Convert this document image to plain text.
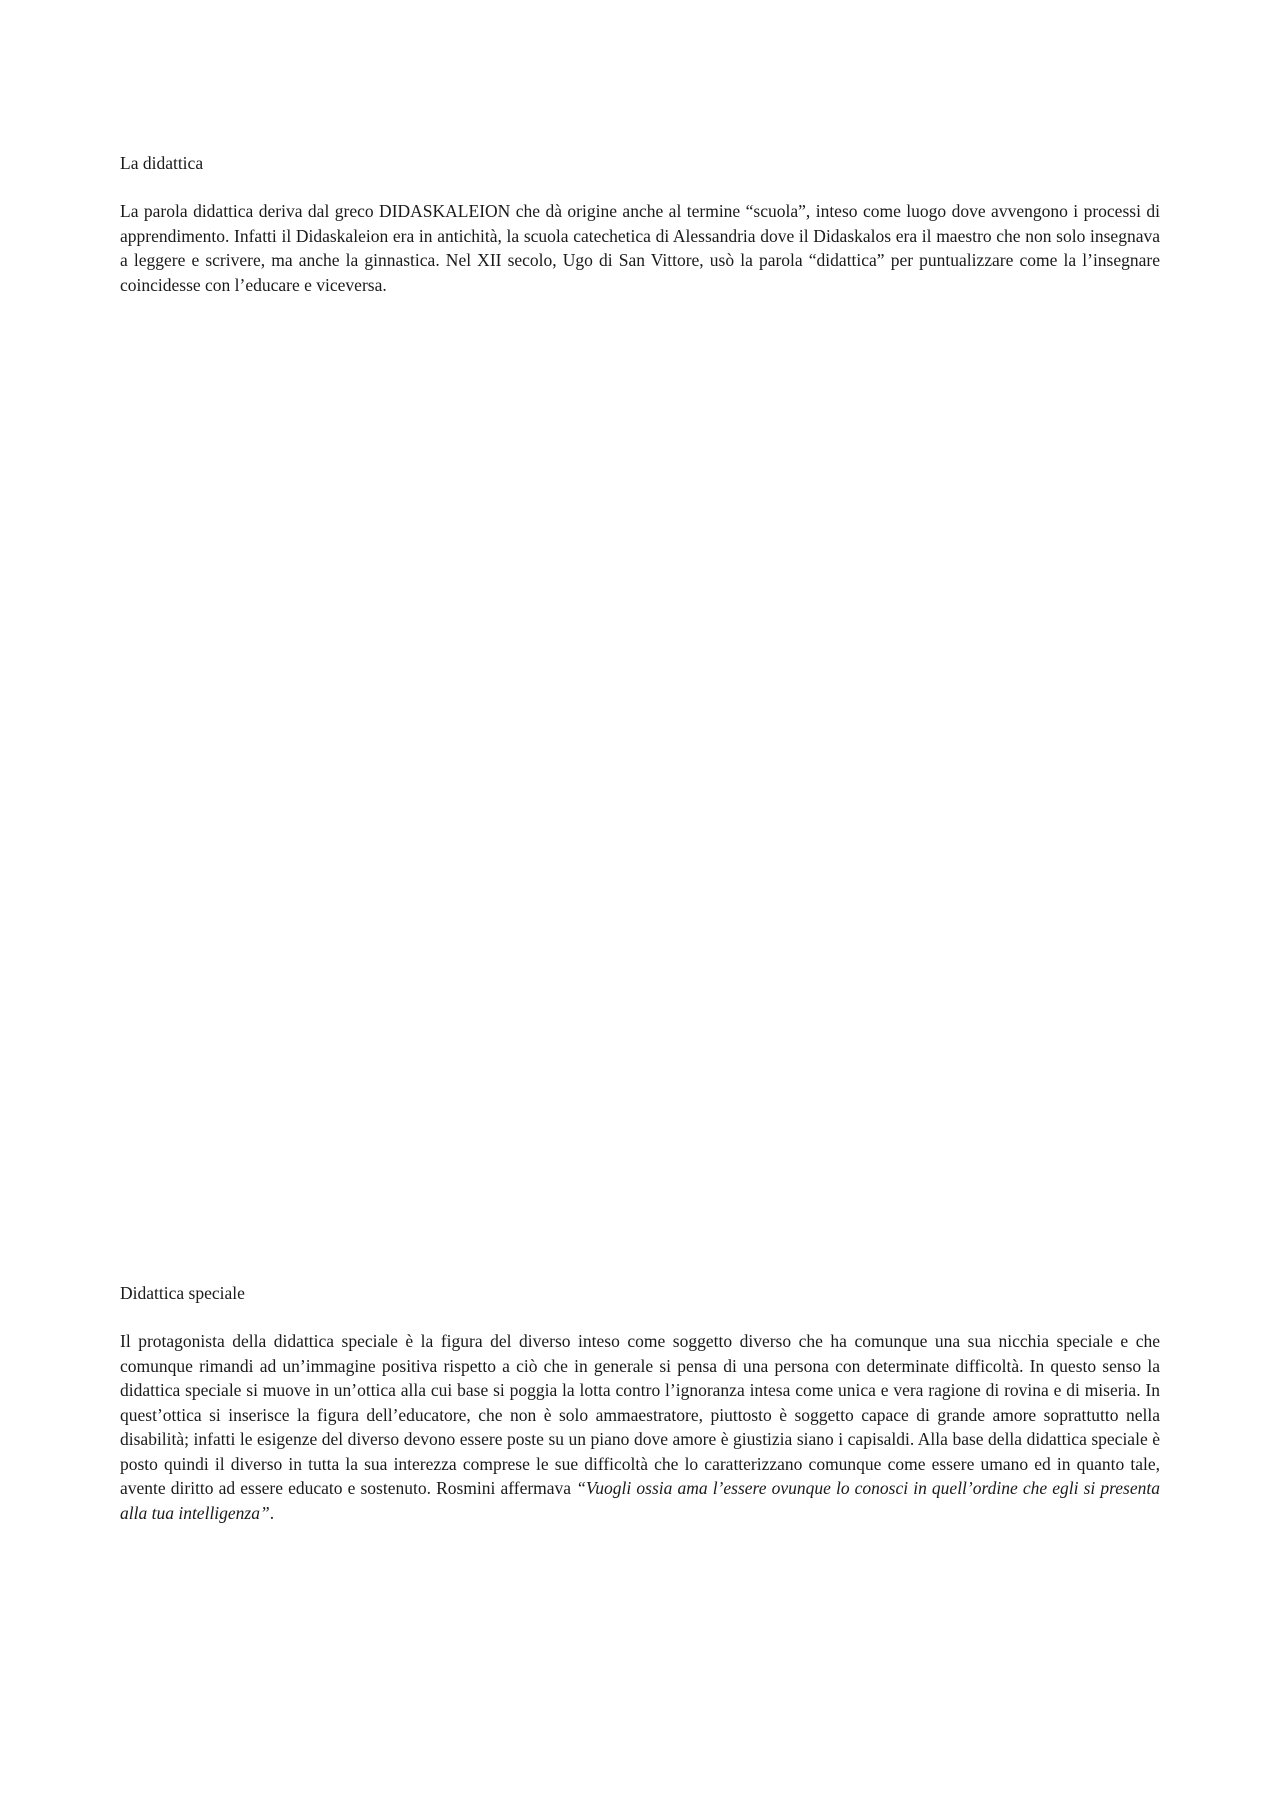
La didattica

La parola didattica deriva dal greco DIDASKALEION che dà origine anche al termine “scuola”, inteso come luogo dove avvengono i processi di apprendimento. Infatti il Didaskaleion era in antichità, la scuola catechetica di Alessandria dove il Didaskalos era il maestro che non solo insegnava a leggere e scrivere, ma anche la ginnastica. Nel XII secolo, Ugo di San Vittore, usò la parola “didattica” per puntualizzare come la l’insegnare coincidesse con l’educare e viceversa.

Didattica speciale

Il protagonista della didattica speciale è la figura del diverso inteso come soggetto diverso che ha comunque una sua nicchia speciale e che comunque rimandi ad un’immagine positiva rispetto a ciò che in generale si pensa di una persona con determinate difficoltà. In questo senso la didattica speciale si muove in un’ottica alla cui base si poggia la lotta contro l’ignoranza intesa come unica e vera ragione di rovina e di miseria. In quest’ottica si inserisce la figura dell’educatore, che non è solo ammaestratore, piuttosto è soggetto capace di grande amore soprattutto nella disabilità; infatti le esigenze del diverso devono essere poste su un piano dove amore è giustizia siano i capisaldi. Alla base della didattica speciale è posto quindi il diverso in tutta la sua interezza comprese le sue difficoltà che lo caratterizzano comunque come essere umano ed in quanto tale, avente diritto ad essere educato e sostenuto. Rosmini affermava “Vuogli ossia ama l’essere ovunque lo conosci in quell’ordine che egli si presenta alla tua intelligenza”.
